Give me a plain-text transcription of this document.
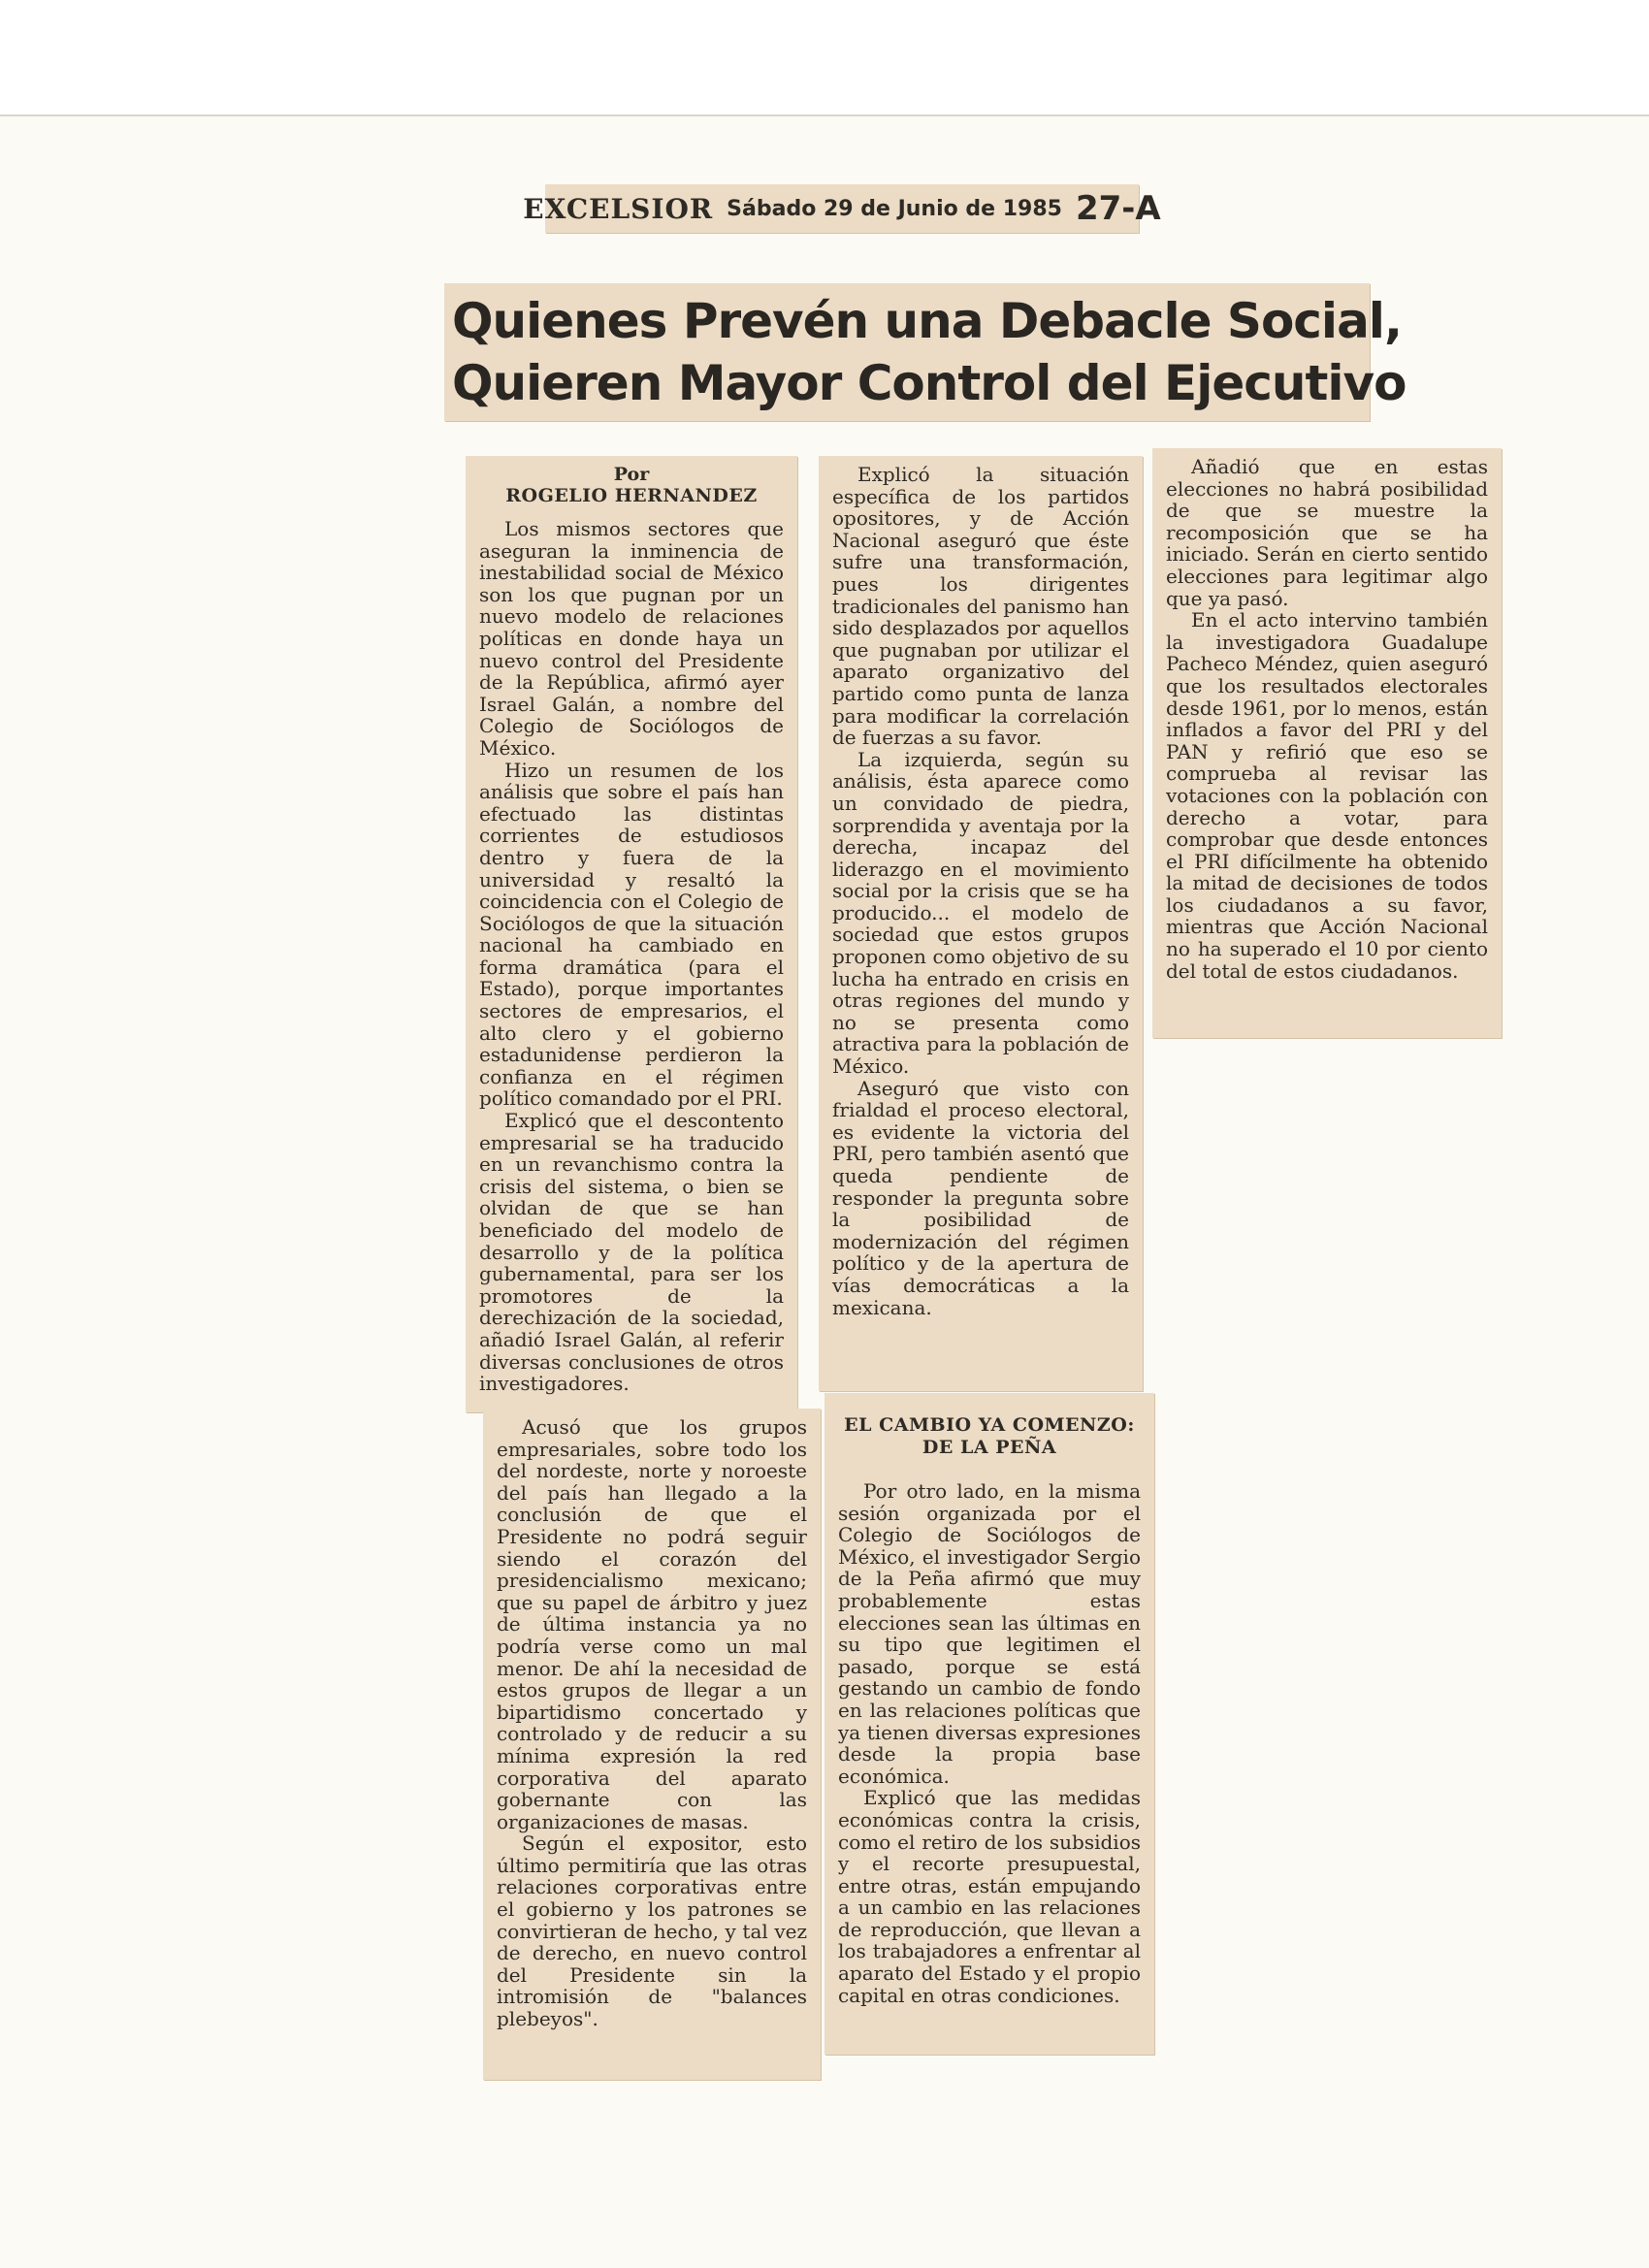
EXCELSIOR Sábado 29 de Junio de 1985 27-A
Quienes Prevén una Debacle Social,
Quieren Mayor Control del Ejecutivo
Por
ROGELIO HERNANDEZ

Los mismos sectores que aseguran la inminencia de inestabilidad social de México son los que pugnan por un nuevo modelo de relaciones políticas en donde haya un nuevo control del Presidente de la República, afirmó ayer Israel Galán, a nombre del Colegio de Sociólogos de México.

Hizo un resumen de los análisis que sobre el país han efectuado las distintas corrientes de estudiosos dentro y fuera de la universidad y resaltó la coincidencia con el Colegio de Sociólogos de que la situación nacional ha cambiado en forma dramática (para el Estado), porque importantes sectores de empresarios, el alto clero y el gobierno estadunidense perdieron la confianza en el régimen político comandado por el PRI.

Explicó que el descontento empresarial se ha traducido en un revanchismo contra la crisis del sistema, o bien se olvidan de que se han beneficiado del modelo de desarrollo y de la política gubernamental, para ser los promotores de la derechización de la sociedad, añadió Israel Galán, al referir diversas conclusiones de otros investigadores.

Explicó la situación específica de los partidos opositores, y de Acción Nacional aseguró que éste sufre una transformación, pues los dirigentes tradicionales del panismo han sido desplazados por aquellos que pugnaban por utilizar el aparato organizativo del partido como punta de lanza para modificar la correlación de fuerzas a su favor.

La izquierda, según su análisis, ésta aparece como un convidado de piedra, sorprendida y aventaja por la derecha, incapaz del liderazgo en el movimiento social por la crisis que se ha producido... el modelo de sociedad que estos grupos proponen como objetivo de su lucha ha entrado en crisis en otras regiones del mundo y no se presenta como atractiva para la población de México.

Aseguró que visto con frialdad el proceso electoral, es evidente la victoria del PRI, pero también asentó que queda pendiente de responder la pregunta sobre la posibilidad de modernización del régimen político y de la apertura de vías democráticas a la mexicana.

Añadió que en estas elecciones no habrá posibilidad de que se muestre la recomposición que se ha iniciado. Serán en cierto sentido elecciones para legitimar algo que ya pasó.

En el acto intervino también la investigadora Guadalupe Pacheco Méndez, quien aseguró que los resultados electorales desde 1961, por lo menos, están inflados a favor del PRI y del PAN y refirió que eso se comprueba al revisar las votaciones con la población con derecho a votar, para comprobar que desde entonces el PRI difícilmente ha obtenido la mitad de decisiones de todos los ciudadanos a su favor, mientras que Acción Nacional no ha superado el 10 por ciento del total de estos ciudadanos.

Acusó que los grupos empresariales, sobre todo los del nordeste, norte y noroeste del país han llegado a la conclusión de que el Presidente no podrá seguir siendo el corazón del presidencialismo mexicano; que su papel de árbitro y juez de última instancia ya no podría verse como un mal menor. De ahí la necesidad de estos grupos de llegar a un bipartidismo concertado y controlado y de reducir a su mínima expresión la red corporativa del aparato gobernante con las organizaciones de masas.

Según el expositor, esto último permitiría que las otras relaciones corporativas entre el gobierno y los patrones se convirtieran de hecho, y tal vez de derecho, en nuevo control del Presidente sin la intromisión de "balances plebeyos".

EL CAMBIO YA COMENZO: DE LA PEÑA

Por otro lado, en la misma sesión organizada por el Colegio de Sociólogos de México, el investigador Sergio de la Peña afirmó que muy probablemente estas elecciones sean las últimas en su tipo que legitimen el pasado, porque se está gestando un cambio de fondo en las relaciones políticas que ya tienen diversas expresiones desde la propia base económica.

Explicó que las medidas económicas contra la crisis, como el retiro de los subsidios y el recorte presupuestal, entre otras, están empujando a un cambio en las relaciones de reproducción, que llevan a los trabajadores a enfrentar al aparato del Estado y el propio capital en otras condiciones.
